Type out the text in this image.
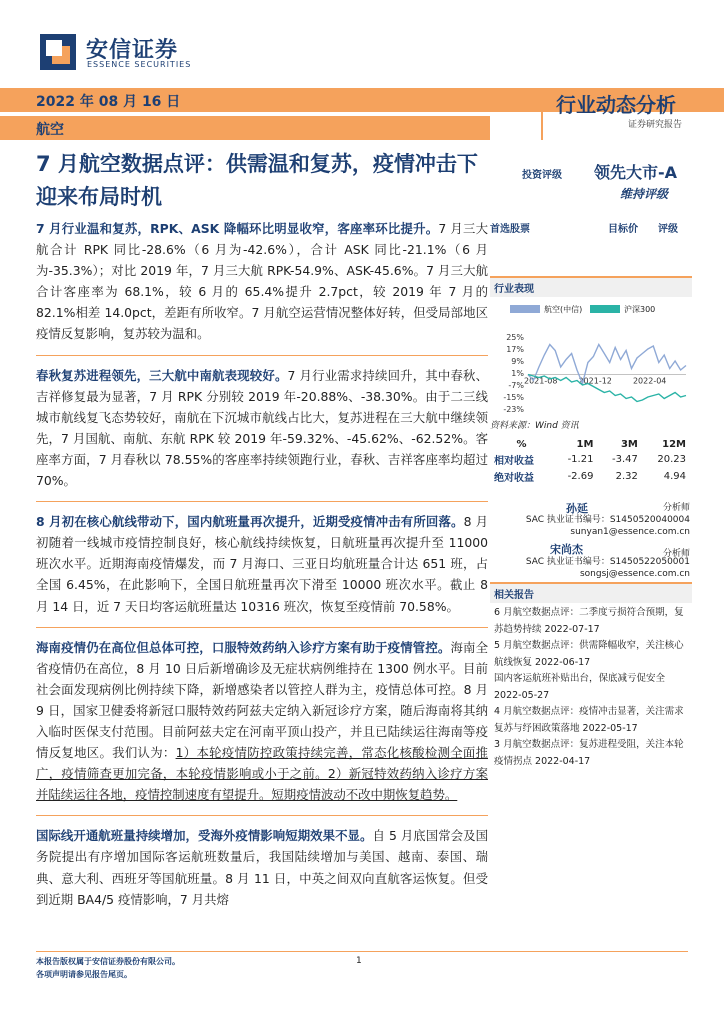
安信证券
ESSENCE SECURITIES
2022 年 08 月 16 日
航空
行业动态分析
证券研究报告
7 月航空数据点评：供需温和复苏，疫情冲击下迎来布局时机
投资评级 领先大市-A
维持评级

7 月行业温和复苏，RPK、ASK 降幅环比明显收窄，客座率环比提升。7 月三大航合计 RPK 同比-28.6%（6 月为-42.6%），合计 ASK 同比-21.1%（6 月为-35.3%）；对比 2019 年，7 月三大航 RPK-54.9%、ASK-45.6%。7 月三大航合计客座率为 68.1%，较 6 月的 65.4%提升 2.7pct，较 2019 年 7 月的 82.1%相差 14.0pct，差距有所收窄。7 月航空运营情况整体好转，但受局部地区疫情反复影响，复苏较为温和。

春秋复苏进程领先，三大航中南航表现较好。7 月行业需求持续回升，其中春秋、吉祥修复最为显著，7 月 RPK 分别较 2019 年-20.88%、-38.30%。由于二三线城市航线复飞态势较好，南航在下沉城市航线占比大，复苏进程在三大航中继续领先，7 月国航、南航、东航 RPK 较 2019 年-59.32%、-45.62%、-62.52%。客座率方面，7 月春秋以 78.55%的客座率持续领跑行业，春秋、吉祥客座率均超过 70%。

8 月初在核心航线带动下，国内航班量再次提升，近期受疫情冲击有所回落。8 月初随着一线城市疫情控制良好，核心航线持续恢复，日航班量再次提升至 11000 班次水平。近期海南疫情爆发，而 7 月海口、三亚日均航班量合计达 651 班，占全国 6.45%，在此影响下，全国日航班量再次下滑至 10000 班次水平。截止 8 月 14 日，近 7 天日均客运航班量达 10316 班次，恢复至疫情前 70.58%。

海南疫情仍在高位但总体可控，口服特效药纳入诊疗方案有助于疫情管控。海南全省疫情仍在高位，8 月 10 日后新增确诊及无症状病例维持在 1300 例水平。目前社会面发现病例比例持续下降，新增感染者以管控人群为主，疫情总体可控。8 月 9 日，国家卫健委将新冠口服特效药阿兹夫定纳入新冠诊疗方案，随后海南将其纳入临时医保支付范围。目前阿兹夫定在河南平顶山投产，并且已陆续运往海南等疫情反复地区。我们认为：1）本轮疫情防控政策持续完善，常态化核酸检测全面推广，疫情筛查更加完备，本轮疫情影响或小于之前。2）新冠特效药纳入诊疗方案并陆续运往各地，疫情控制速度有望提升。短期疫情波动不改中期恢复趋势。

国际线开通航班量持续增加，受海外疫情影响短期效果不显。自 5 月底国常会及国务院提出有序增加国际客运航班数量后，我国陆续增加与美国、越南、泰国、瑞典、意大利、西班牙等国航班量。8 月 11 日，中英之间双向直航客运恢复。但受到近期 BA4/5 疫情影响，7 月共熔

首选股票	目标价 评级
行业表现
航空(中信)	沪深300
25%
17%
9%
1%
-7%
-15%
-23%
2021-08	2021-12	2022-04
资料来源：Wind 资讯
%	1M	3M	12M
相对收益	-1.21	-3.47	20.23
绝对收益	-2.69	2.32	4.94
孙延	分析师
SAC 执业证书编号：S1450520040004
sunyan1@essence.com.cn
宋尚杰	分析师
SAC 执业证书编号：S1450522050001
songsj@essence.com.cn
相关报告
6 月航空数据点评：二季度亏损符合预期，复苏趋势持续 2022-07-17
5 月航空数据点评：供需降幅收窄，关注核心航线恢复 2022-06-17
国内客运航班补贴出台，保底减亏促安全 2022-05-27
4 月航空数据点评：疫情冲击显著，关注需求复苏与纾困政策落地 2022-05-17
3 月航空数据点评：复苏进程受阻，关注本轮疫情拐点 2022-04-17
本报告版权属于安信证券股份有限公司。
各项声明请参见报告尾页。
1
